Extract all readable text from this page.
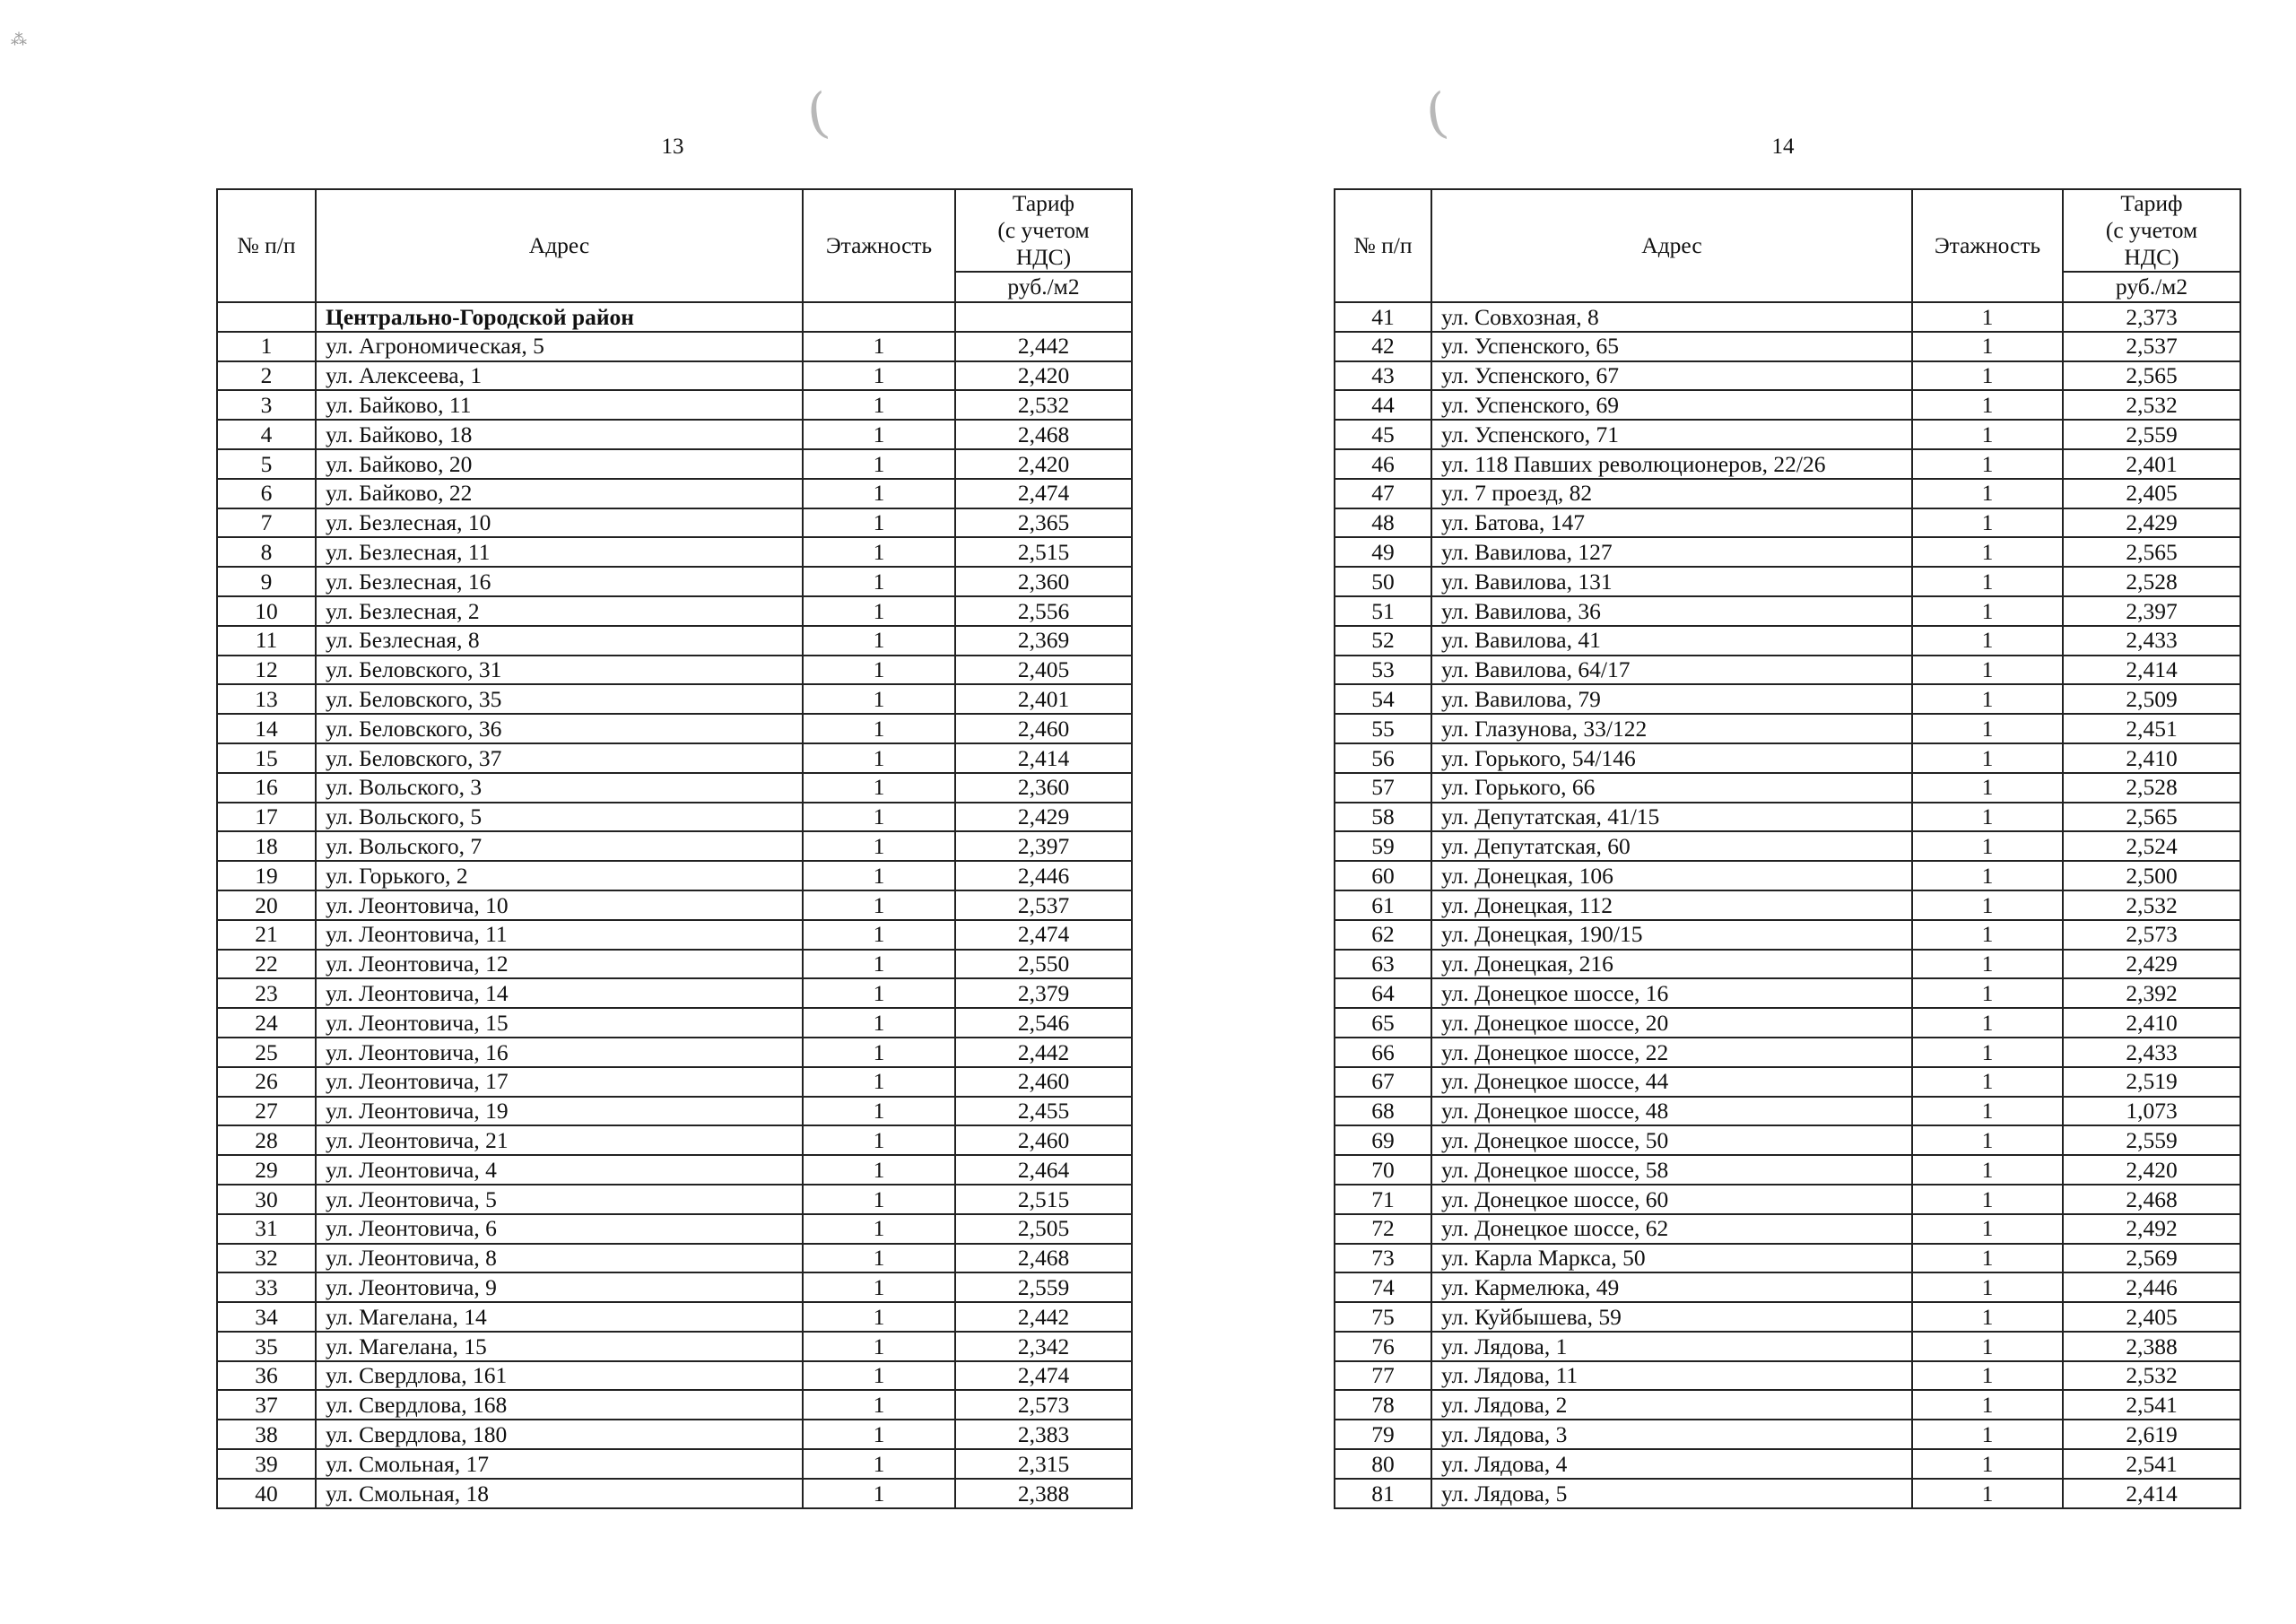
(	(
⁂
13	14
№ п/п	Адрес	Этажность	Тариф
(с учетом
НДС)
			руб./м2
	Центрально-Городской район		
1	ул. Агрономическая, 5	1	2,442
2	ул. Алексеева, 1	1	2,420
3	ул. Байково, 11	1	2,532
4	ул. Байково, 18	1	2,468
5	ул. Байково, 20	1	2,420
6	ул. Байково, 22	1	2,474
7	ул. Безлесная, 10	1	2,365
8	ул. Безлесная, 11	1	2,515
9	ул. Безлесная, 16	1	2,360
10	ул. Безлесная, 2	1	2,556
11	ул. Безлесная, 8	1	2,369
12	ул. Беловского, 31	1	2,405
13	ул. Беловского, 35	1	2,401
14	ул. Беловского, 36	1	2,460
15	ул. Беловского, 37	1	2,414
16	ул. Вольского, 3	1	2,360
17	ул. Вольского, 5	1	2,429
18	ул. Вольского, 7	1	2,397
19	ул. Горького, 2	1	2,446
20	ул. Леонтовича, 10	1	2,537
21	ул. Леонтовича, 11	1	2,474
22	ул. Леонтовича, 12	1	2,550
23	ул. Леонтовича, 14	1	2,379
24	ул. Леонтовича, 15	1	2,546
25	ул. Леонтовича, 16	1	2,442
26	ул. Леонтовича, 17	1	2,460
27	ул. Леонтовича, 19	1	2,455
28	ул. Леонтовича, 21	1	2,460
29	ул. Леонтовича, 4	1	2,464
30	ул. Леонтовича, 5	1	2,515
31	ул. Леонтовича, 6	1	2,505
32	ул. Леонтовича, 8	1	2,468
33	ул. Леонтовича, 9	1	2,559
34	ул. Магелана, 14	1	2,442
35	ул. Магелана, 15	1	2,342
36	ул. Свердлова, 161	1	2,474
37	ул. Свердлова, 168	1	2,573
38	ул. Свердлова, 180	1	2,383
39	ул. Смольная, 17	1	2,315
40	ул. Смольная, 18	1	2,388
№ п/п	Адрес	Этажность	Тариф
(с учетом
НДС)
			руб./м2
41	ул. Совхозная, 8	1	2,373
42	ул. Успенского, 65	1	2,537
43	ул. Успенского, 67	1	2,565
44	ул. Успенского, 69	1	2,532
45	ул. Успенского, 71	1	2,559
46	ул. 118 Павших революционеров, 22/26	1	2,401
47	ул. 7 проезд, 82	1	2,405
48	ул. Батова, 147	1	2,429
49	ул. Вавилова, 127	1	2,565
50	ул. Вавилова, 131	1	2,528
51	ул. Вавилова, 36	1	2,397
52	ул. Вавилова, 41	1	2,433
53	ул. Вавилова, 64/17	1	2,414
54	ул. Вавилова, 79	1	2,509
55	ул. Глазунова, 33/122	1	2,451
56	ул. Горького, 54/146	1	2,410
57	ул. Горького, 66	1	2,528
58	ул. Депутатская, 41/15	1	2,565
59	ул. Депутатская, 60	1	2,524
60	ул. Донецкая, 106	1	2,500
61	ул. Донецкая, 112	1	2,532
62	ул. Донецкая, 190/15	1	2,573
63	ул. Донецкая, 216	1	2,429
64	ул. Донецкое шоссе, 16	1	2,392
65	ул. Донецкое шоссе, 20	1	2,410
66	ул. Донецкое шоссе, 22	1	2,433
67	ул. Донецкое шоссе, 44	1	2,519
68	ул. Донецкое шоссе, 48	1	1,073
69	ул. Донецкое шоссе, 50	1	2,559
70	ул. Донецкое шоссе, 58	1	2,420
71	ул. Донецкое шоссе, 60	1	2,468
72	ул. Донецкое шоссе, 62	1	2,492
73	ул. Карла Маркса, 50	1	2,569
74	ул. Кармелюка, 49	1	2,446
75	ул. Куйбышева, 59	1	2,405
76	ул. Лядова, 1	1	2,388
77	ул. Лядова, 11	1	2,532
78	ул. Лядова, 2	1	2,541
79	ул. Лядова, 3	1	2,619
80	ул. Лядова, 4	1	2,541
81	ул. Лядова, 5	1	2,414
